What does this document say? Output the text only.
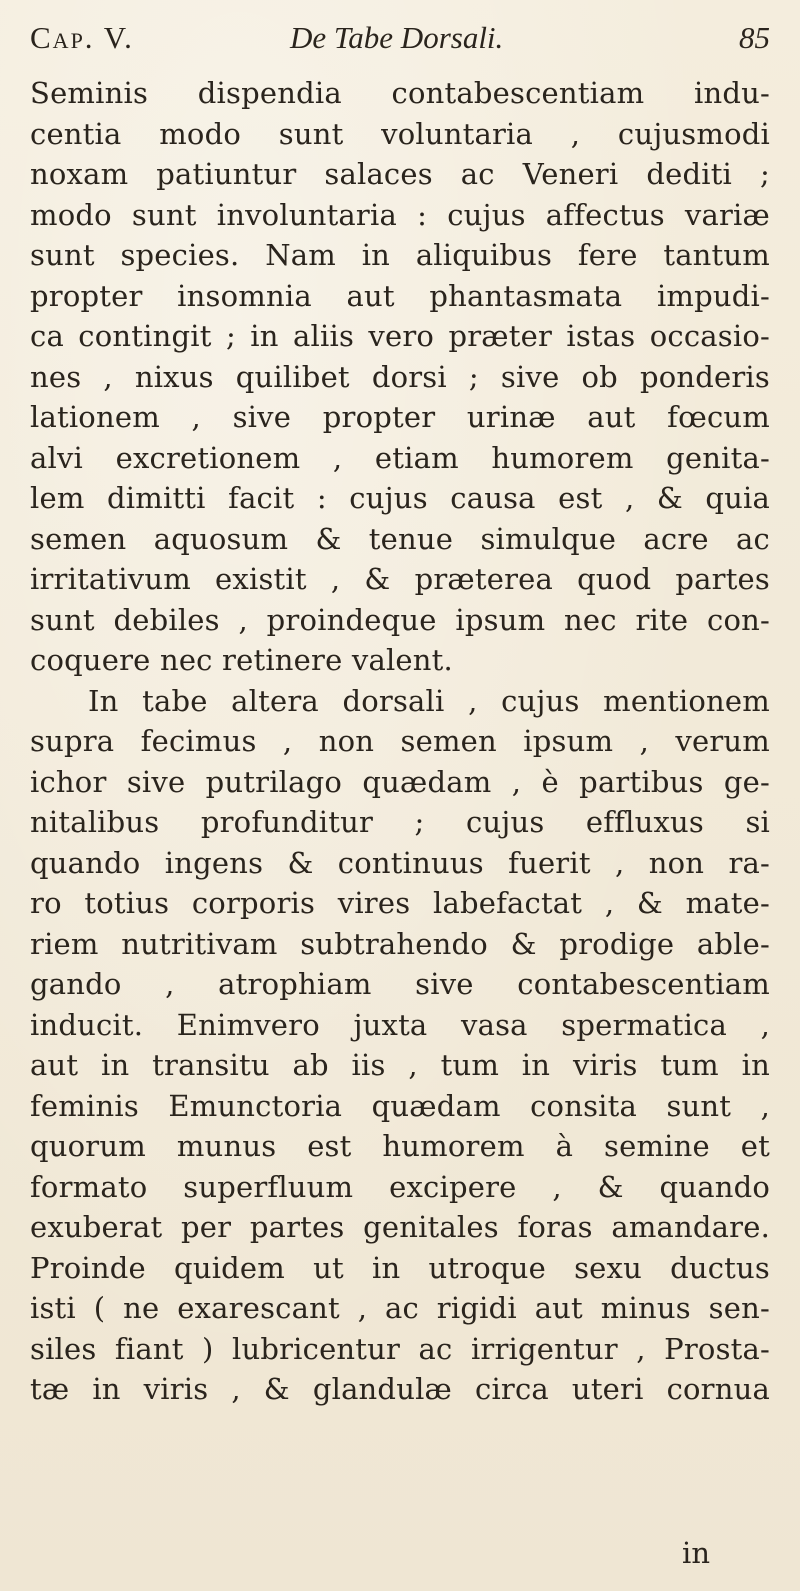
Cap. V.	De Tabe Dorsali.	85
Seminis dispendia contabescentiam indu-
centia modo sunt voluntaria , cujusmodi
noxam patiuntur salaces ac Veneri dediti ;
modo sunt involuntaria : cujus affectus variæ
sunt species. Nam in aliquibus fere tantum
propter insomnia aut phantasmata impudi-
ca contingit ; in aliis vero præter istas occasio-
nes , nixus quilibet dorsi ; sive ob ponderis
lationem , sive propter urinæ aut fœcum
alvi excretionem , etiam humorem genita-
lem dimitti facit : cujus causa est , & quia
semen aquosum & tenue simulque acre ac
irritativum existit , & præterea quod partes
sunt debiles , proindeque ipsum nec rite con-
coquere nec retinere valent.
In tabe altera dorsali , cujus mentionem
supra fecimus , non semen ipsum , verum
ichor sive putrilago quædam , è partibus ge-
nitalibus profunditur ; cujus effluxus si
quando ingens & continuus fuerit , non ra-
ro totius corporis vires labefactat , & mate-
riem nutritivam subtrahendo & prodige able-
gando , atrophiam sive contabescentiam
inducit. Enimvero juxta vasa spermatica ,
aut in transitu ab iis , tum in viris tum in
feminis Emunctoria quædam consita sunt ,
quorum munus est humorem à semine et
formato superfluum excipere , & quando
exuberat per partes genitales foras amandare.
Proinde quidem ut in utroque sexu ductus
isti ( ne exarescant , ac rigidi aut minus sen-
siles fiant ) lubricentur ac irrigentur , Prosta-
tæ in viris , & glandulæ circa uteri cornua
in
